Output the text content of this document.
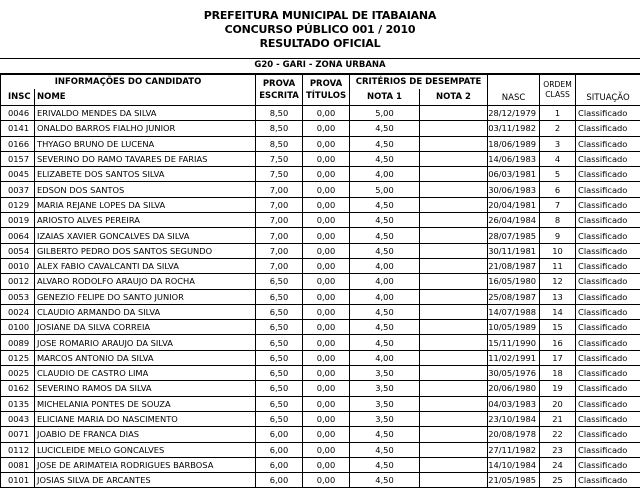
PREFEITURA MUNICIPAL DE ITABAIANA
CONCURSO PÚBLICO 001 / 2010
RESULTADO OFICIAL
G20 - GARI - ZONA URBANA
INFORMAÇÕES DO CANDIDATO		PROVA
ESCRITA	PROVA
TÍTULOS	CRITÉRIOS DE DESEMPATE		NASC	ORDEM
CLASS	SITUAÇÃO
INSC	NOME			NOTA 1	NOTA 2			
0046	ERIVALDO MENDES DA SILVA	8,50	0,00	5,00		28/12/1979	1	Classificado
0141	ONALDO BARROS FIALHO JUNIOR	8,50	0,00	4,50		03/11/1982	2	Classificado
0166	THYAGO BRUNO DE LUCENA	8,50	0,00	4,50		18/06/1989	3	Classificado
0157	SEVERINO DO RAMO TAVARES DE FARIAS	7,50	0,00	4,50		14/06/1983	4	Classificado
0045	ELIZABETE DOS SANTOS SILVA	7,50	0,00	4,00		06/03/1981	5	Classificado
0037	EDSON DOS SANTOS	7,00	0,00	5,00		30/06/1983	6	Classificado
0129	MARIA REJANE LOPES DA SILVA	7,00	0,00	4,50		20/04/1981	7	Classificado
0019	ARIOSTO ALVES PEREIRA	7,00	0,00	4,50		26/04/1984	8	Classificado
0064	IZAIAS XAVIER GONCALVES DA SILVA	7,00	0,00	4,50		28/07/1985	9	Classificado
0054	GILBERTO PEDRO DOS SANTOS SEGUNDO	7,00	0,00	4,50		30/11/1981	10	Classificado
0010	ALEX FABIO CAVALCANTI DA SILVA	7,00	0,00	4,00		21/08/1987	11	Classificado
0012	ALVARO RODOLFO ARAUJO DA ROCHA	6,50	0,00	4,00		16/05/1980	12	Classificado
0053	GENEZIO FELIPE DO SANTO JUNIOR	6,50	0,00	4,00		25/08/1987	13	Classificado
0024	CLAUDIO ARMANDO DA SILVA	6,50	0,00	4,50		14/07/1988	14	Classificado
0100	JOSIANE DA SILVA CORREIA	6,50	0,00	4,50		10/05/1989	15	Classificado
0089	JOSE ROMARIO ARAUJO DA SILVA	6,50	0,00	4,50		15/11/1990	16	Classificado
0125	MARCOS ANTONIO DA SILVA	6,50	0,00	4,00		11/02/1991	17	Classificado
0025	CLAUDIO DE CASTRO LIMA	6,50	0,00	3,50		30/05/1976	18	Classificado
0162	SEVERINO RAMOS DA SILVA	6,50	0,00	3,50		20/06/1980	19	Classificado
0135	MICHELANIA PONTES DE SOUZA	6,50	0,00	3,50		04/03/1983	20	Classificado
0043	ELICIANE MARIA DO NASCIMENTO	6,50	0,00	3,50		23/10/1984	21	Classificado
0071	JOABIO DE FRANCA DIAS	6,00	0,00	4,50		20/08/1978	22	Classificado
0112	LUCICLEIDE MELO GONCALVES	6,00	0,00	4,50		27/11/1982	23	Classificado
0081	JOSE DE ARIMATEIA RODRIGUES BARBOSA	6,00	0,00	4,50		14/10/1984	24	Classificado
0101	JOSIAS SILVA DE ARCANTES	6,00	0,00	4,50		21/05/1985	25	Classificado
